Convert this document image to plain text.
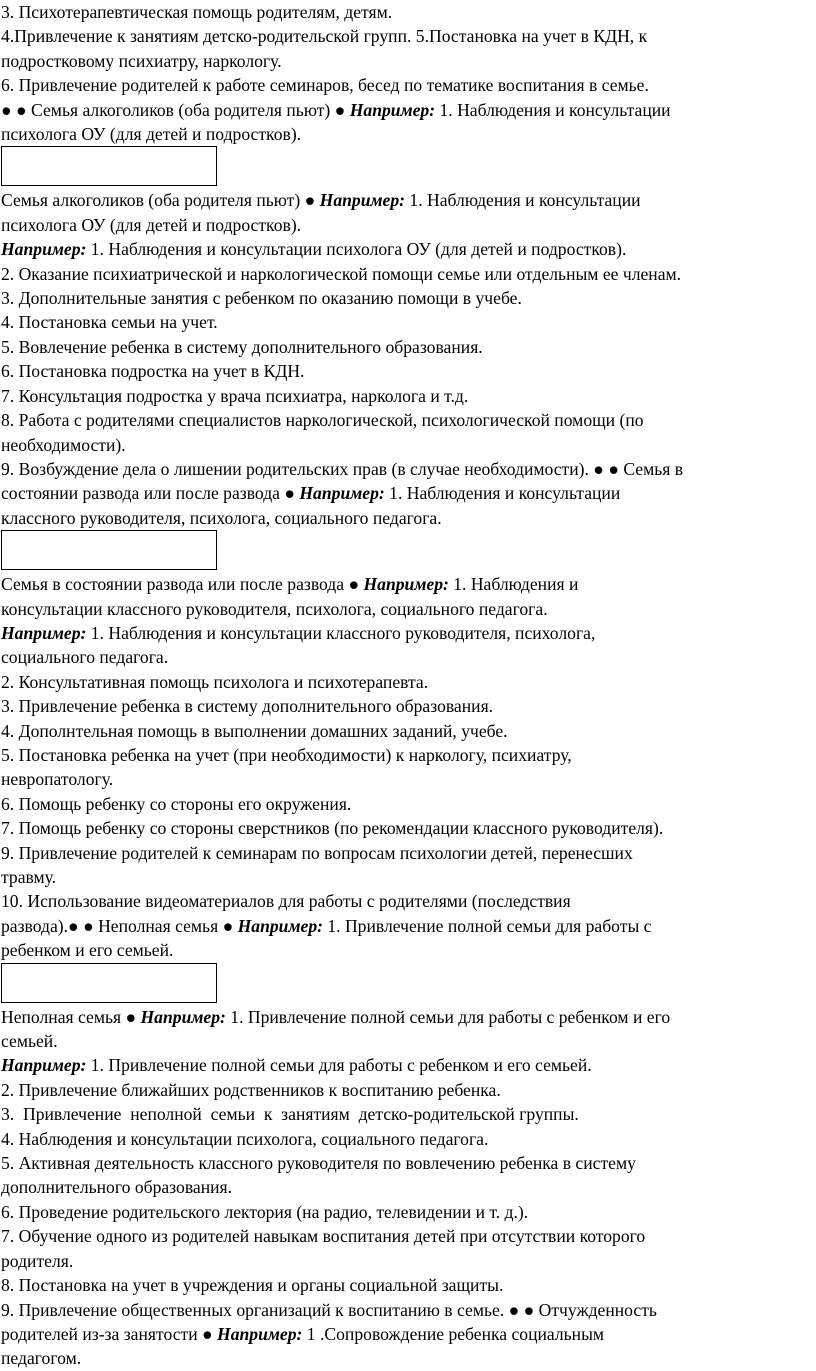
3. Психотерапевтическая помощь родителям, детям.
4.Привлечение к занятиям детско-родительской групп. 5.Постановка на учет в КДН, к
подростковому психиатру, наркологу.
6. Привлечение родителей к работе семинаров, бесед по тематике воспитания в семье.
● ● Семья алкоголиков (оба родителя пьют) ● Например: 1. Наблюдения и консультации
психолога ОУ (для детей и подростков).
Семья алкоголиков (оба родителя пьют) ● Например: 1. Наблюдения и консультации
психолога ОУ (для детей и подростков).
Например: 1. Наблюдения и консультации психолога ОУ (для детей и подростков).
2. Оказание психиатрической и наркологической помощи семье или отдельным ее членам.
3. Дополнительные занятия с ребенком по оказанию помощи в учебе.
4. Постановка семьи на учет.
5. Вовлечение ребенка в систему дополнительного образования.
6. Постановка подростка на учет в КДН.
7. Консультация подростка у врача психиатра, нарколога и т.д.
8. Работа с родителями специалистов наркологической, психологической помощи (по
необходимости).
9. Возбуждение дела о лишении родительских прав (в случае необходимости). ● ● Семья в
состоянии развода или после развода ● Например: 1. Наблюдения и консультации
классного руководителя, психолога, социального педагога.
Семья в состоянии развода или после развода ● Например: 1. Наблюдения и
консультации классного руководителя, психолога, социального педагога.
Например: 1. Наблюдения и консультации классного руководителя, психолога,
социального педагога.
2. Консультативная помощь психолога и психотерапевта.
3. Привлечение ребенка в систему дополнительного образования.
4. Дополнтельная помощь в выполнении домашних заданий, учебе.
5. Постановка ребенка на учет (при необходимости) к наркологу, психиатру,
невропатологу.
6. Помощь ребенку со стороны его окружения.
7. Помощь ребенку со стороны сверстников (по рекомендации классного руководителя).
9. Привлечение родителей к семинарам по вопросам психологии детей, перенесших
травму.
10. Использование видеоматериалов для работы с родителями (последствия
развода).● ● Неполная семья ● Например: 1. Привлечение полной семьи для работы с
ребенком и его семьей.
Неполная семья ● Например: 1. Привлечение полной семьи для работы с ребенком и его
семьей.
Например: 1. Привлечение полной семьи для работы с ребенком и его семьей.
2. Привлечение ближайших родственников к воспитанию ребенка.
3.  Привлечение  неполной  семьи  к  занятиям  детско-родительской группы.
4. Наблюдения и консультации психолога, социального педагога.
5. Активная деятельность классного руководителя по вовлечению ребенка в систему
дополнительного образования.
6. Проведение родительского лектория (на радио, телевидении и т. д.).
7. Обучение одного из родителей навыкам воспитания детей при отсутствии которого
родителя.
8. Постановка на учет в учреждения и органы социальной защиты.
9. Привлечение общественных организаций к воспитанию в семье. ● ● Отчужденность
родителей из-за занятости ● Например: 1 .Сопровождение ребенка социальным
педагогом.
